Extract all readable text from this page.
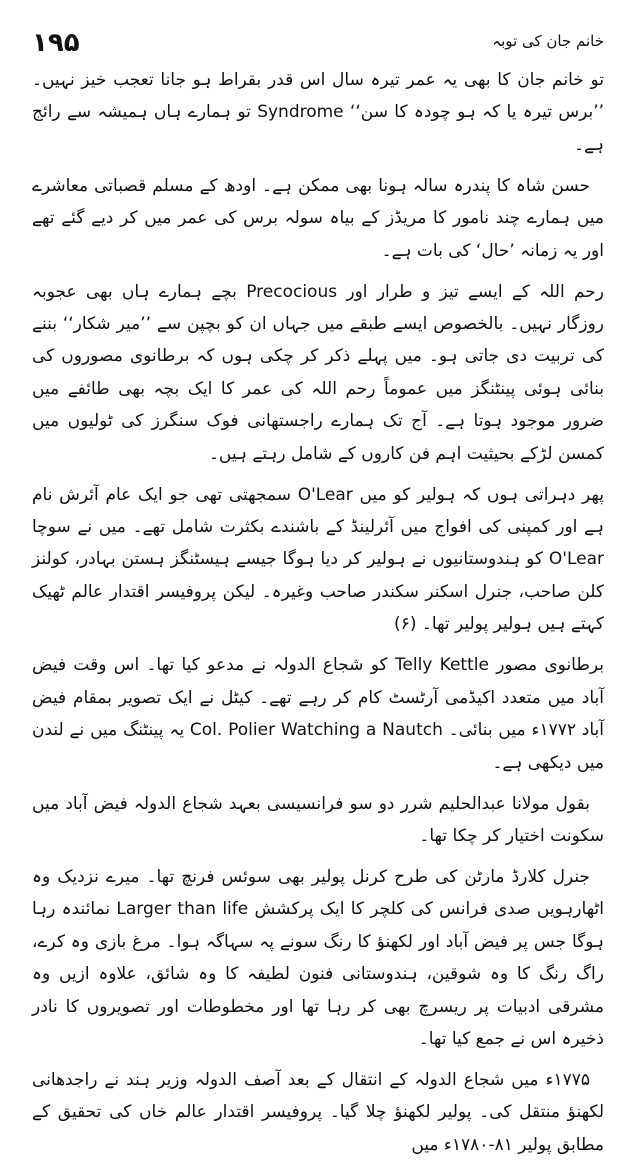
۱۹۵	خانم جان کی توبہ

تو خانم جان کا بھی یہ عمر تیرہ سال اس قدر بقراط ہو جانا تعجب خیز نہیں۔ ’’برس تیرہ یا کہ ہو چودہ کا سن‘‘ Syndrome تو ہمارے ہاں ہمیشہ سے رائج ہے۔

حسن شاہ کا پندرہ سالہ ہونا بھی ممکن ہے۔ اودھ کے مسلم قصباتی معاشرے میں ہمارے چند نامور کا مریڈز کے بیاہ سولہ برس کی عمر میں کر دیے گئے تھے اور یہ زمانہ ’حال‘ کی بات ہے۔

رحم اللہ کے ایسے تیز و طرار اور Precocious بچے ہمارے ہاں بھی عجوبہ روزگار نہیں۔ بالخصوص ایسے طبقے میں جہاں ان کو بچپن سے ’’میر شکار‘‘ بننے کی تربیت دی جاتی ہو۔ میں پہلے ذکر کر چکی ہوں کہ برطانوی مصوروں کی بنائی ہوئی پینٹنگز میں عموماً رحم اللہ کی عمر کا ایک بچہ بھی طائفے میں ضرور موجود ہوتا ہے۔ آج تک ہمارے راجستھانی فوک سنگرز کی ٹولیوں میں کمسن لڑکے بحیثیت اہم فن کاروں کے شامل رہتے ہیں۔

پھر دہراتی ہوں کہ ہولیر کو میں O'Lear سمجھتی تھی جو ایک عام آئرش نام ہے اور کمپنی کی افواج میں آئرلینڈ کے باشندے بکثرت شامل تھے۔ میں نے سوچا O'Lear کو ہندوستانیوں نے ہولیر کر دیا ہوگا جیسے ہیسٹنگز ہستن بہادر، کولنز کلن صاحب، جنرل اسکنر سکندر صاحب وغیرہ۔ لیکن پروفیسر اقتدار عالم ٹھیک کہتے ہیں ہولیر پولیر تھا۔ (۶)

برطانوی مصور Telly Kettle کو شجاع الدولہ نے مدعو کیا تھا۔ اس وقت فیض آباد میں متعدد اکیڈمی آرٹسٹ کام کر رہے تھے۔ کیٹل نے ایک تصویر بمقام فیض آباد ۱۷۷۲ء میں بنائی۔ Col. Polier Watching a Nautch یہ پینٹنگ میں نے لندن میں دیکھی ہے۔

بقول مولانا عبدالحلیم شرر دو سو فرانسیسی بعہد شجاع الدولہ فیض آباد میں سکونت اختیار کر چکا تھا۔

جنرل کلارڈ مارٹن کی طرح کرنل پولیر بھی سوئس فرنچ تھا۔ میرے نزدیک وہ اٹھارہویں صدی فرانس کی کلچر کا ایک پرکشش Larger than life نمائندہ رہا ہوگا جس پر فیض آباد اور لکھنؤ کا رنگ سونے پہ سہاگہ ہوا۔ مرغ بازی وہ کرے، راگ رنگ کا وہ شوقین، ہندوستانی فنون لطیفہ کا وہ شائق، علاوہ ازیں وہ مشرقی ادبیات پر ریسرچ بھی کر رہا تھا اور مخطوطات اور تصویروں کا نادر ذخیرہ اس نے جمع کیا تھا۔

۱۷۷۵ء میں شجاع الدولہ کے انتقال کے بعد آصف الدولہ وزیر ہند نے راجدھانی لکھنؤ منتقل کی۔ پولیر لکھنؤ چلا گیا۔ پروفیسر اقتدار عالم خاں کی تحقیق کے مطابق پولیر ۸۱-۱۷۸۰ء میں
